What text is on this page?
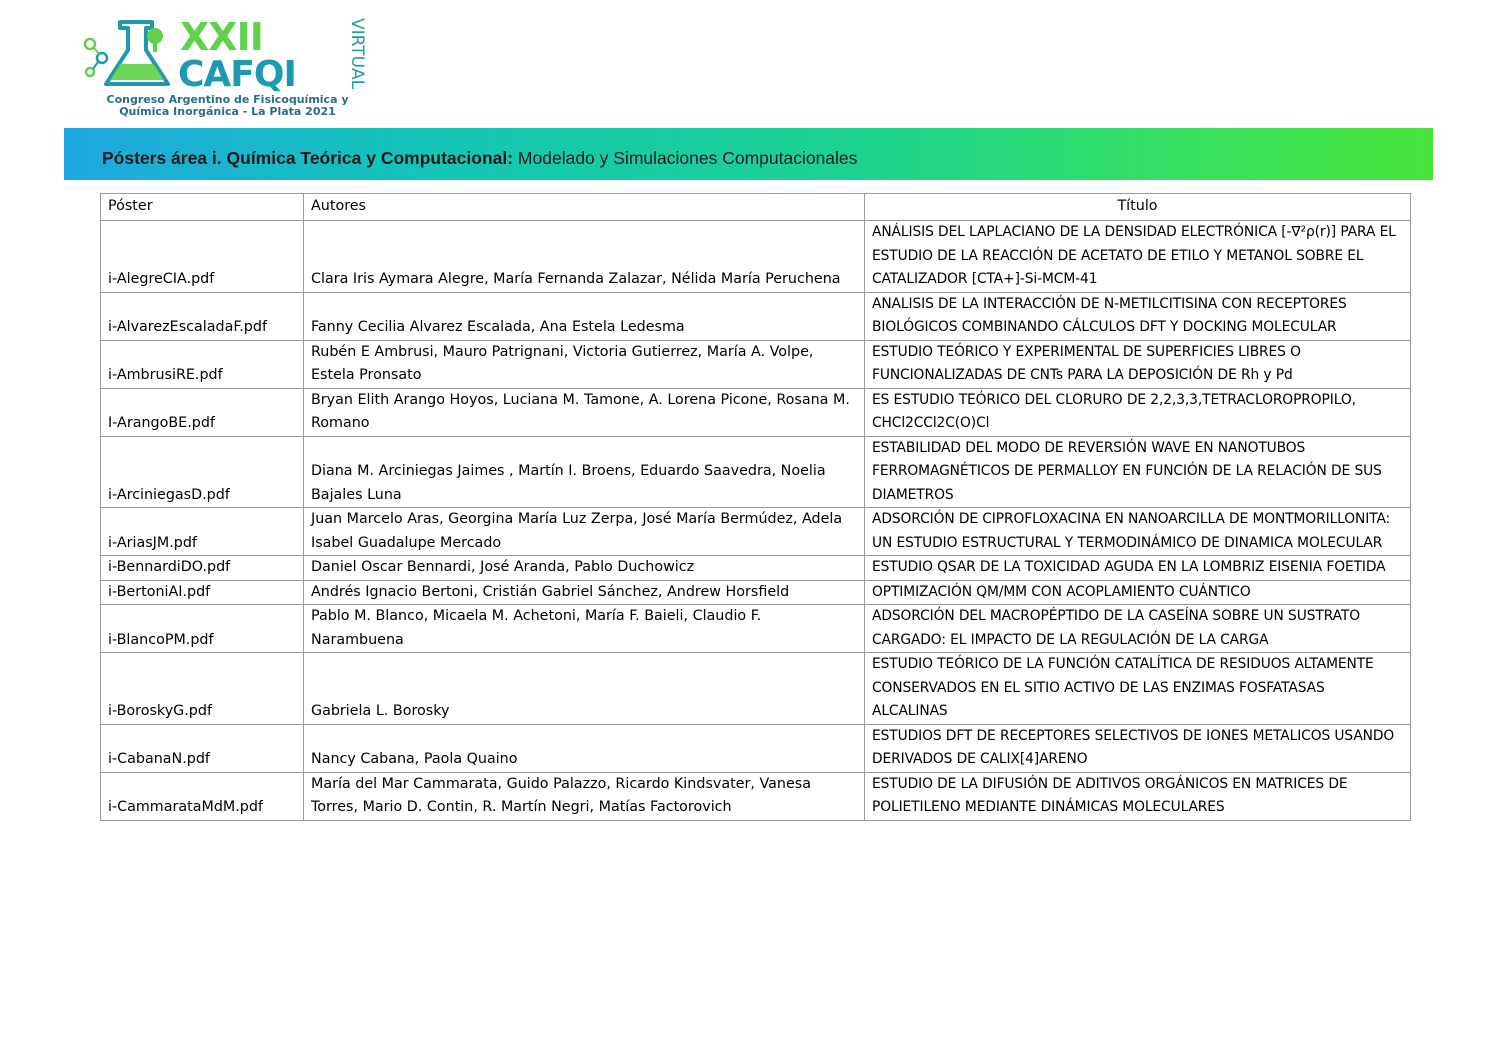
XXII
CAFQI	VIRTUAL
Congreso Argentino de Fisicoquímica y
Química Inorgánica - La Plata 2021
Pósters área i. Química Teórica y Computacional: Modelado y Simulaciones Computacionales
Póster	Autores	Título
i-AlegreCIA.pdf	Clara Iris Aymara Alegre, María Fernanda Zalazar, Nélida María Peruchena	ANÁLISIS DEL LAPLACIANO DE LA DENSIDAD ELECTRÓNICA [-∇²ρ(r)] PARA EL ESTUDIO DE LA REACCIÓN DE ACETATO DE ETILO Y METANOL SOBRE EL CATALIZADOR [CTA+]-Si-MCM-41
i-AlvarezEscaladaF.pdf	Fanny Cecilia Alvarez Escalada, Ana Estela Ledesma	ANALISIS DE LA INTERACCIÓN DE N-METILCITISINA CON RECEPTORES BIOLÓGICOS COMBINANDO CÁLCULOS DFT Y DOCKING MOLECULAR
i-AmbrusiRE.pdf	Rubén E Ambrusi, Mauro Patrignani, Victoria Gutierrez, María A. Volpe, Estela Pronsato	ESTUDIO TEÓRICO Y EXPERIMENTAL DE SUPERFICIES LIBRES O FUNCIONALIZADAS DE CNTs PARA LA DEPOSICIÓN DE Rh y Pd
I-ArangoBE.pdf	Bryan Elith Arango Hoyos, Luciana M. Tamone, A. Lorena Picone, Rosana M. Romano	ES ESTUDIO TEÓRICO DEL CLORURO DE 2,2,3,3,TETRACLOROPROPILO, CHCl2CCl2C(O)Cl
i-ArciniegasD.pdf	Diana M. Arciniegas Jaimes , Martín I. Broens, Eduardo Saavedra, Noelia Bajales Luna	ESTABILIDAD DEL MODO DE REVERSIÓN WAVE EN NANOTUBOS FERROMAGNÉTICOS DE PERMALLOY EN FUNCIÓN DE LA RELACIÓN DE SUS DIAMETROS
i-AriasJM.pdf	Juan Marcelo Aras, Georgina María Luz Zerpa, José María Bermúdez, Adela Isabel Guadalupe Mercado	ADSORCIÓN DE CIPROFLOXACINA EN NANOARCILLA DE MONTMORILLONITA: UN ESTUDIO ESTRUCTURAL Y TERMODINÁMICO DE DINAMICA MOLECULAR
i-BennardiDO.pdf	Daniel Oscar Bennardi, José Aranda, Pablo Duchowicz	ESTUDIO QSAR DE LA TOXICIDAD AGUDA EN LA LOMBRIZ EISENIA FOETIDA
i-BertoniAI.pdf	Andrés Ignacio Bertoni, Cristián Gabriel Sánchez, Andrew Horsfield	OPTIMIZACIÓN QM/MM CON ACOPLAMIENTO CUÁNTICO
i-BlancoPM.pdf	Pablo M. Blanco, Micaela M. Achetoni, María F. Baieli, Claudio F. Narambuena	ADSORCIÓN DEL MACROPÉPTIDO DE LA CASEÍNA SOBRE UN SUSTRATO CARGADO: EL IMPACTO DE LA REGULACIÓN DE LA CARGA
i-BoroskyG.pdf	Gabriela L. Borosky	ESTUDIO TEÓRICO DE LA FUNCIÓN CATALÍTICA DE RESIDUOS ALTAMENTE CONSERVADOS EN EL SITIO ACTIVO DE LAS ENZIMAS FOSFATASAS ALCALINAS
i-CabanaN.pdf	Nancy Cabana, Paola Quaino	ESTUDIOS DFT DE RECEPTORES SELECTIVOS DE IONES METALICOS USANDO DERIVADOS DE CALIX[4]ARENO
i-CammarataMdM.pdf	María del Mar Cammarata, Guido Palazzo, Ricardo Kindsvater, Vanesa Torres, Mario D. Contin, R. Martín Negri, Matías Factorovich	ESTUDIO DE LA DIFUSIÓN DE ADITIVOS ORGÁNICOS EN MATRICES DE POLIETILENO MEDIANTE DINÁMICAS MOLECULARES
